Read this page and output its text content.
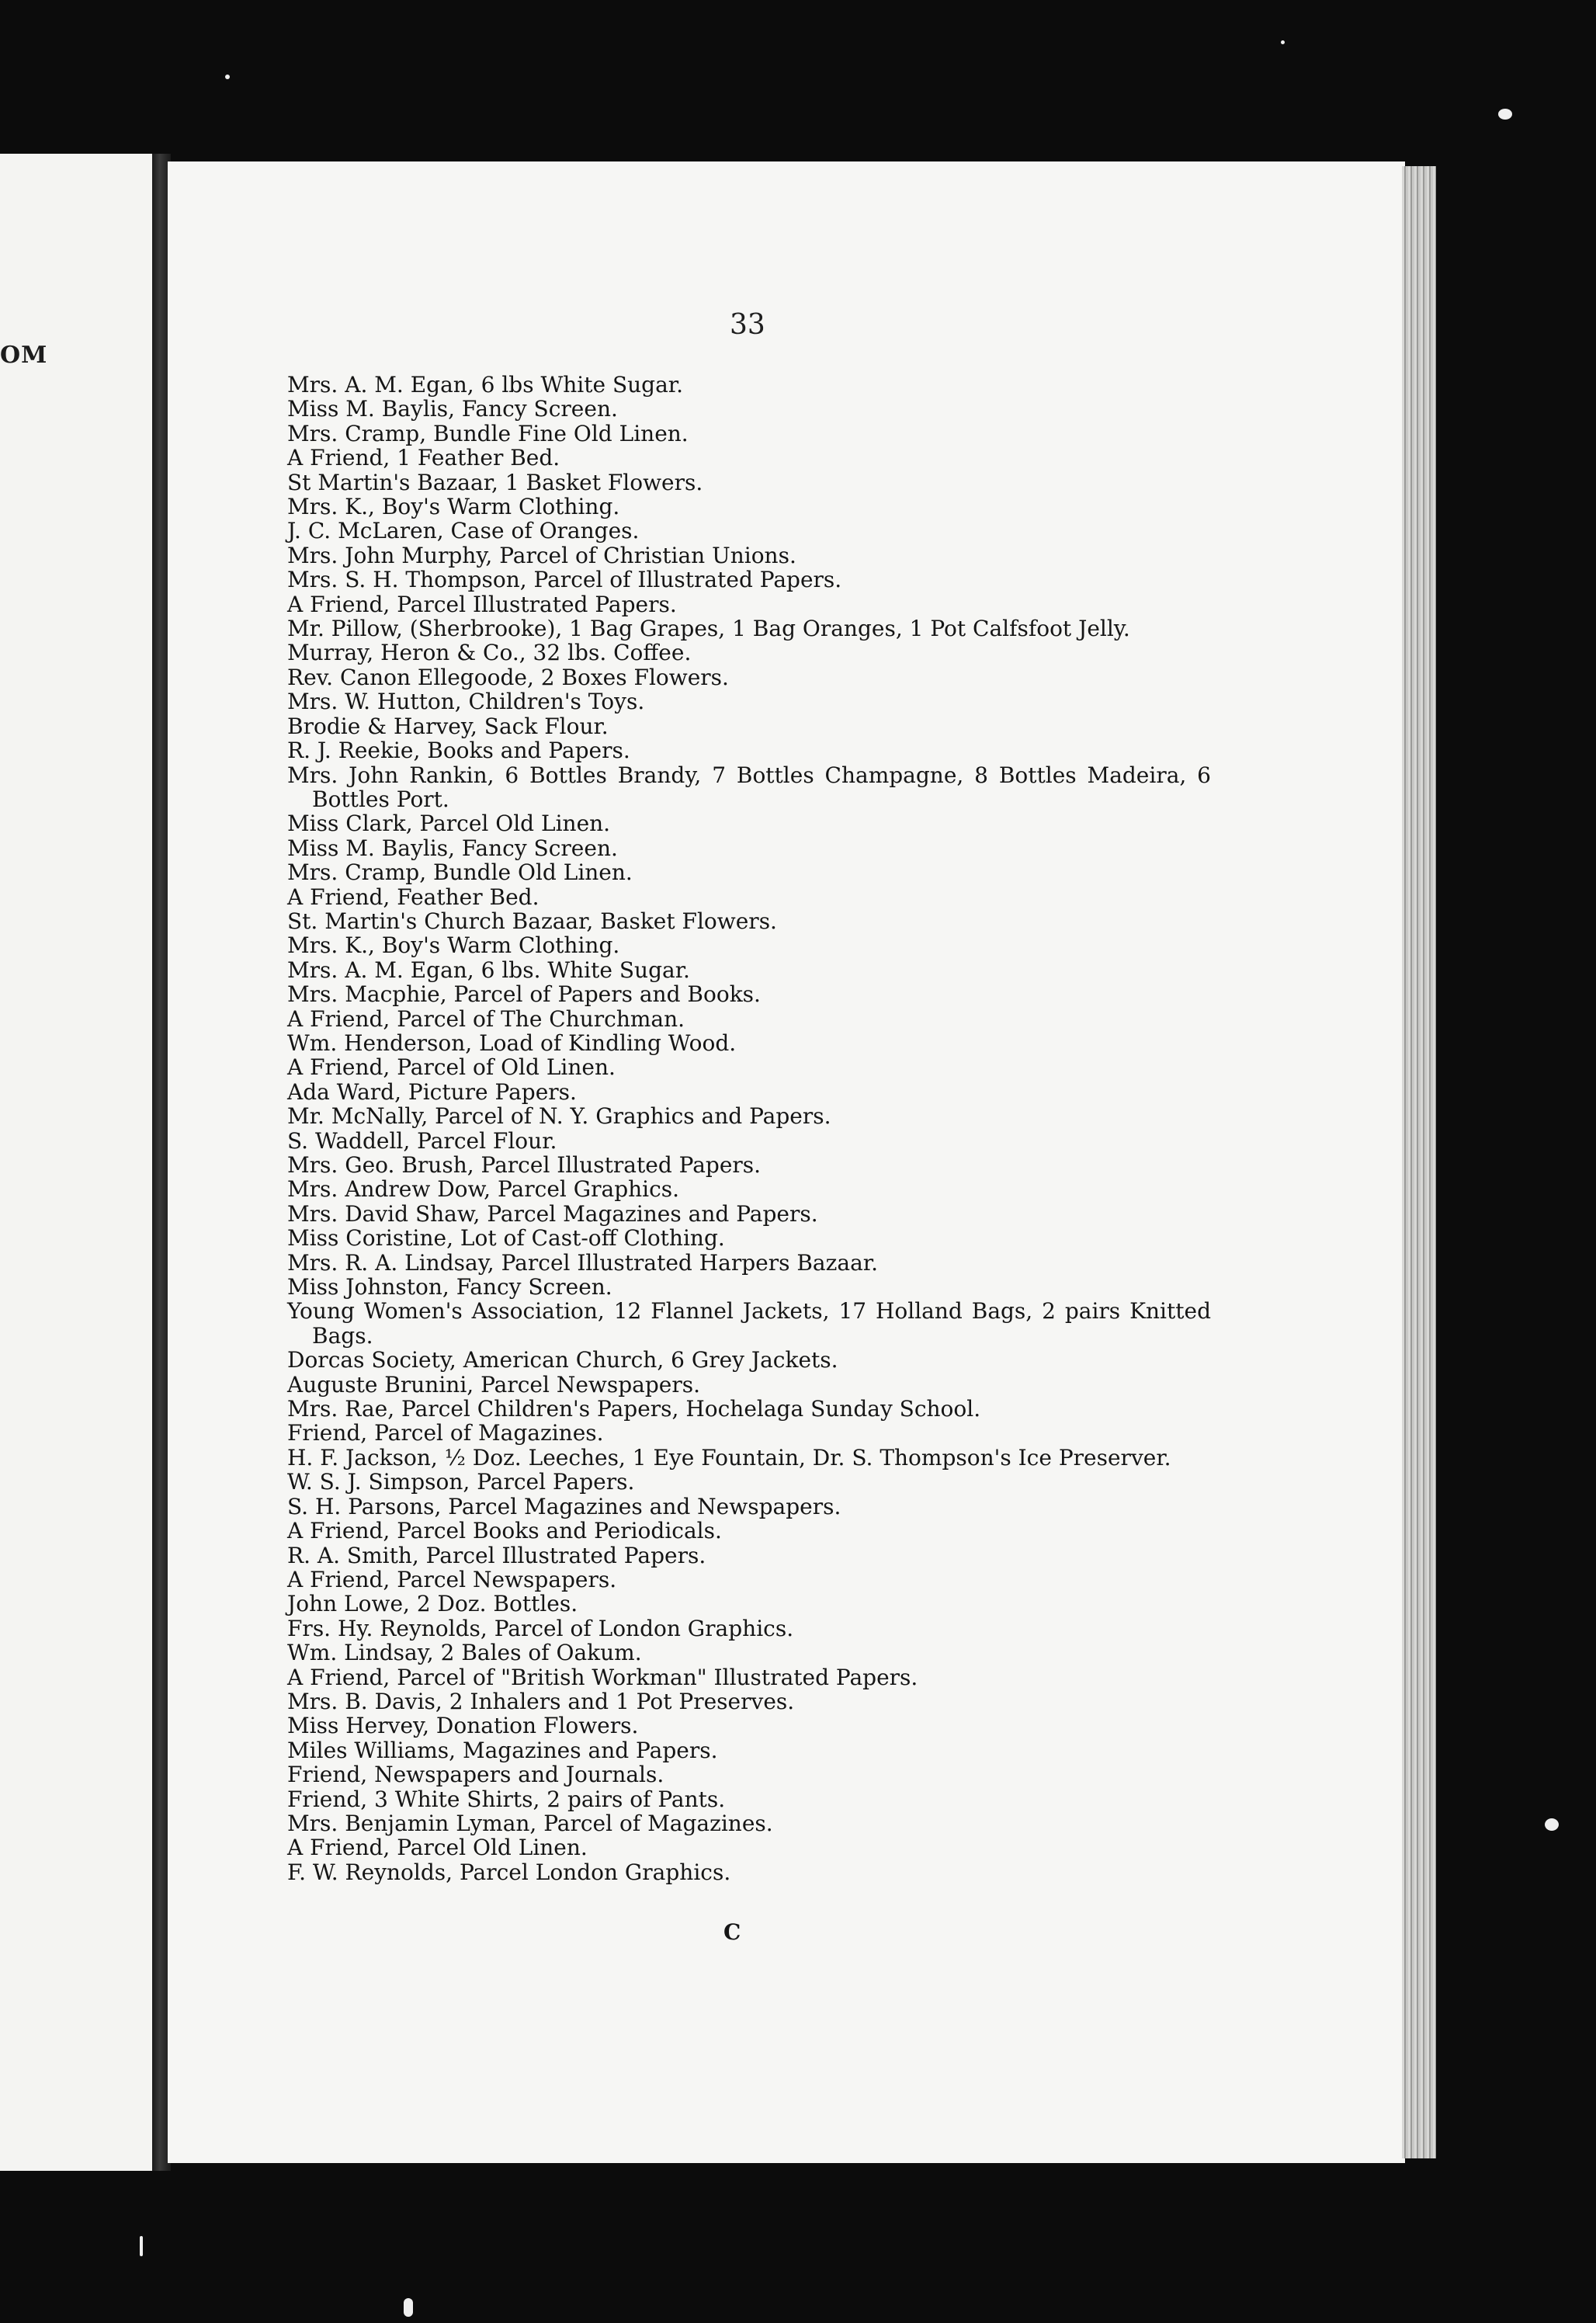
OM
33
Mrs. A. M. Egan, 6 lbs White Sugar.
Miss M. Baylis, Fancy Screen.
Mrs. Cramp, Bundle Fine Old Linen.
A Friend, 1 Feather Bed.
St Martin's Bazaar, 1 Basket Flowers.
Mrs. K., Boy's Warm Clothing.
J. C. McLaren, Case of Oranges.
Mrs. John Murphy, Parcel of Christian Unions.
Mrs. S. H. Thompson, Parcel of Illustrated Papers.
A Friend, Parcel Illustrated Papers.
Mr. Pillow, (Sherbrooke), 1 Bag Grapes, 1 Bag Oranges, 1 Pot Calfsfoot Jelly.
Murray, Heron & Co., 32 lbs. Coffee.
Rev. Canon Ellegoode, 2 Boxes Flowers.
Mrs. W. Hutton, Children's Toys.
Brodie & Harvey, Sack Flour.
R. J. Reekie, Books and Papers.
Mrs. John Rankin, 6 Bottles Brandy, 7 Bottles Champagne, 8 Bottles Madeira, 6 Bottles Port.
Miss Clark, Parcel Old Linen.
Miss M. Baylis, Fancy Screen.
Mrs. Cramp, Bundle Old Linen.
A Friend, Feather Bed.
St. Martin's Church Bazaar, Basket Flowers.
Mrs. K., Boy's Warm Clothing.
Mrs. A. M. Egan, 6 lbs. White Sugar.
Mrs. Macphie, Parcel of Papers and Books.
A Friend, Parcel of The Churchman.
Wm. Henderson, Load of Kindling Wood.
A Friend, Parcel of Old Linen.
Ada Ward, Picture Papers.
Mr. McNally, Parcel of N. Y. Graphics and Papers.
S. Waddell, Parcel Flour.
Mrs. Geo. Brush, Parcel Illustrated Papers.
Mrs. Andrew Dow, Parcel Graphics.
Mrs. David Shaw, Parcel Magazines and Papers.
Miss Coristine, Lot of Cast-off Clothing.
Mrs. R. A. Lindsay, Parcel Illustrated Harpers Bazaar.
Miss Johnston, Fancy Screen.
Young Women's Association, 12 Flannel Jackets, 17 Holland Bags, 2 pairs Knitted Bags.
Dorcas Society, American Church, 6 Grey Jackets.
Auguste Brunini, Parcel Newspapers.
Mrs. Rae, Parcel Children's Papers, Hochelaga Sunday School.
Friend, Parcel of Magazines.
H. F. Jackson, ½ Doz. Leeches, 1 Eye Fountain, Dr. S. Thompson's Ice Preserver.
W. S. J. Simpson, Parcel Papers.
S. H. Parsons, Parcel Magazines and Newspapers.
A Friend, Parcel Books and Periodicals.
R. A. Smith, Parcel Illustrated Papers.
A Friend, Parcel Newspapers.
John Lowe, 2 Doz. Bottles.
Frs. Hy. Reynolds, Parcel of London Graphics.
Wm. Lindsay, 2 Bales of Oakum.
A Friend, Parcel of "British Workman" Illustrated Papers.
Mrs. B. Davis, 2 Inhalers and 1 Pot Preserves.
Miss Hervey, Donation Flowers.
Miles Williams, Magazines and Papers.
Friend, Newspapers and Journals.
Friend, 3 White Shirts, 2 pairs of Pants.
Mrs. Benjamin Lyman, Parcel of Magazines.
A Friend, Parcel Old Linen.
F. W. Reynolds, Parcel London Graphics.
C
